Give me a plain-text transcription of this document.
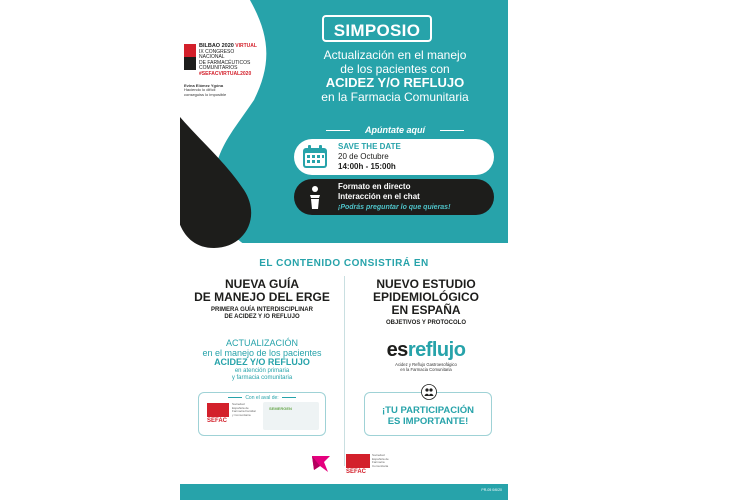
BILBAO 2020 VIRTUAL
IX CONGRESO
NACIONAL
DE FARMACÉUTICOS
COMUNITARIOS
#SEFACVIRTUAL2020
Evina Elómez Ygóna
Haciendo lo difícil
conseguiss lo imposible
SIMPOSIO
Actualización en el manejo
de los pacientes con
ACIDEZ Y/O REFLUJO
en la Farmacia Comunitaria
Apúntate aquí
SAVE THE DATE
20 de Octubre
14:00h - 15:00h
Formato en directo
Interacción en el chat
¡Podrás preguntar lo que quieras!
EL CONTENIDO CONSISTIRÁ EN
NUEVA GUÍA
DE MANEJO DEL ERGE
PRIMERA GUÍA INTERDISCIPLINAR
DE ACIDEZ Y /O REFLUJO
ACTUALIZACIÓN
en el manejo de los pacientes
ACIDEZ Y/O REFLUJO
en atención primaria
y farmacia comunitaria
Con el aval de:
SEFAC
Sociedad Española de Farmacia Familiar y Comunitaria
SEMERGEN
NUEVO ESTUDIO
EPIDEMIOLÓGICO
EN ESPAÑA
OBJETIVOS Y PROTOCOLO
esreflujo
Acidez y Reflujo Gastroesofágico
en la Farmacia Comunitaria
¡TU PARTICIPACIÓN
ES IMPORTANTE!
SEFAC
Sociedad Española de Farmacia Comunitaria
PR-05 0/6/20
